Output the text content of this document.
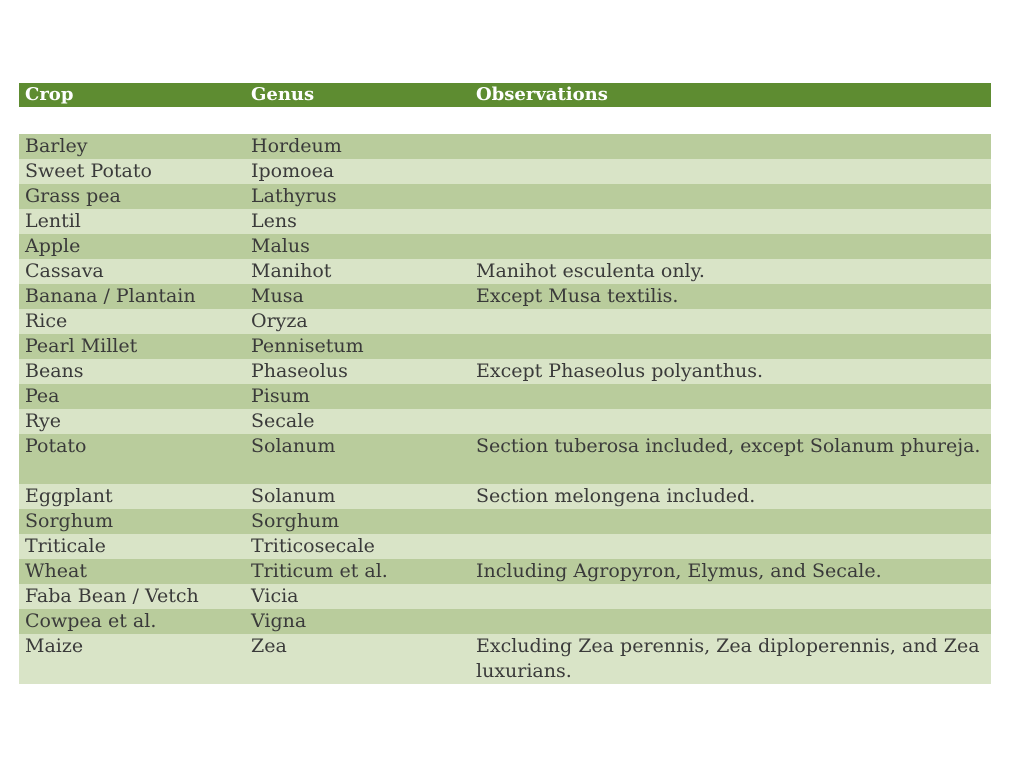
Crop	Genus	Observations
Barley	Hordeum
Sweet Potato	Ipomoea
Grass pea	Lathyrus
Lentil	Lens
Apple	Malus
Cassava	Manihot	Manihot esculenta only.
Banana / Plantain	Musa	Except Musa textilis.
Rice	Oryza
Pearl Millet	Pennisetum
Beans	Phaseolus	Except Phaseolus polyanthus.
Pea	Pisum
Rye	Secale
Potato	Solanum	Section tuberosa included, except Solanum phureja.
Eggplant	Solanum	Section melongena included.
Sorghum	Sorghum
Triticale	Triticosecale
Wheat	Triticum et al.	Including Agropyron, Elymus, and Secale.
Faba Bean / Vetch	Vicia
Cowpea et al.	Vigna
Maize	Zea	Excluding Zea perennis, Zea diploperennis, and Zea luxurians.
